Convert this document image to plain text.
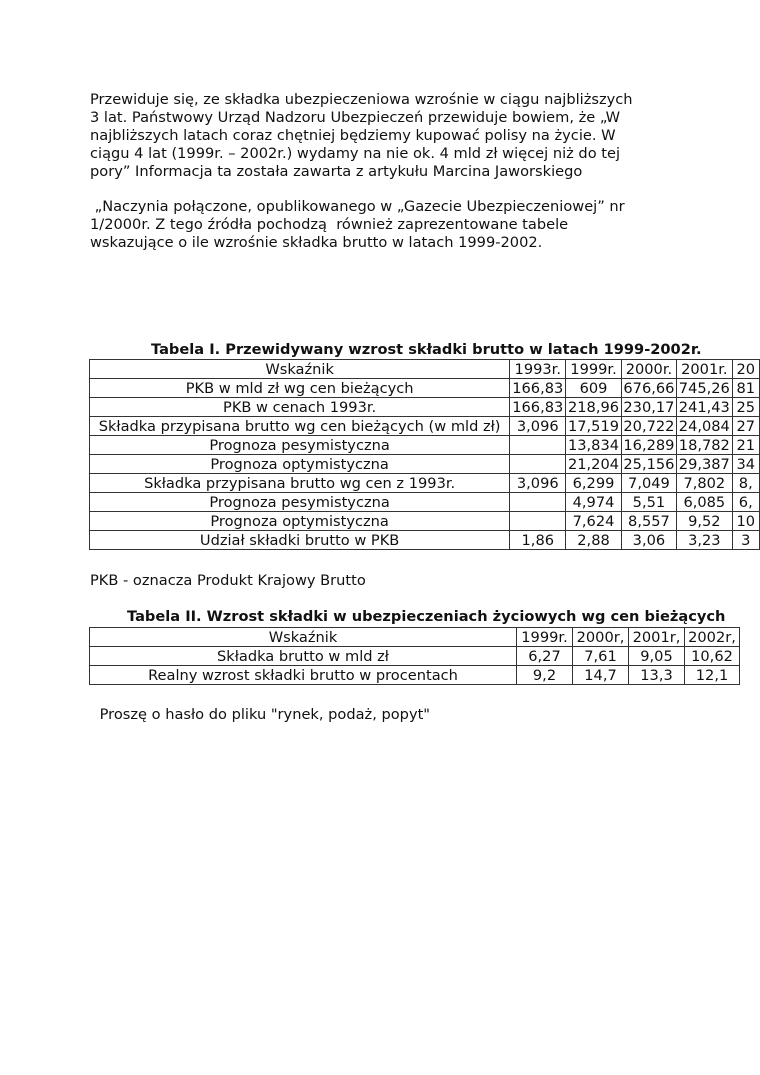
Przewiduje się, ze składka ubezpieczeniowa wzrośnie w ciągu najbliższych
3 lat. Państwowy Urząd Nadzoru Ubezpieczeń przewiduje bowiem, że „W
najbliższych latach coraz chętniej będziemy kupować polisy na życie. W
ciągu 4 lat (1999r. – 2002r.) wydamy na nie ok. 4 mld zł więcej niż do tej
pory” Informacja ta została zawarta z artykułu Marcina Jaworskiego

„Naczynia połączone, opublikowanego w „Gazecie Ubezpieczeniowej” nr
1/2000r. Z tego źródła pochodzą  również zaprezentowane tabele
wskazujące o ile wzrośnie składka brutto w latach 1999-2002.

Tabela I. Przewidywany wzrost składki brutto w latach 1999-2002r.
Wskaźnik	1993r.	1999r.	2000r.	2001r.	20
PKB w mld zł wg cen bieżących	166,83	609	676,66	745,26	81
PKB w cenach 1993r.	166,83	218,96	230,17	241,43	25
Składka przypisana brutto wg cen bieżących (w mld zł)	3,096	17,519	20,722	24,084	27
Prognoza pesymistyczna		13,834	16,289	18,782	21
Prognoza optymistyczna		21,204	25,156	29,387	34
Składka przypisana brutto wg cen z 1993r.	3,096	6,299	7,049	7,802	8,
Prognoza pesymistyczna		4,974	5,51	6,085	6,
Prognoza optymistyczna		7,624	8,557	9,52	10
Udział składki brutto w PKB	1,86	2,88	3,06	3,23	3
PKB - oznacza Produkt Krajowy Brutto
Tabela II. Wzrost składki w ubezpieczeniach życiowych wg cen bieżących
Wskaźnik	1999r.	2000r,	2001r,	2002r,
Składka brutto w mld zł	6,27	7,61	9,05	10,62
Realny wzrost składki brutto w procentach	9,2	14,7	13,3	12,1
Proszę o hasło do pliku "rynek, podaż, popyt"
